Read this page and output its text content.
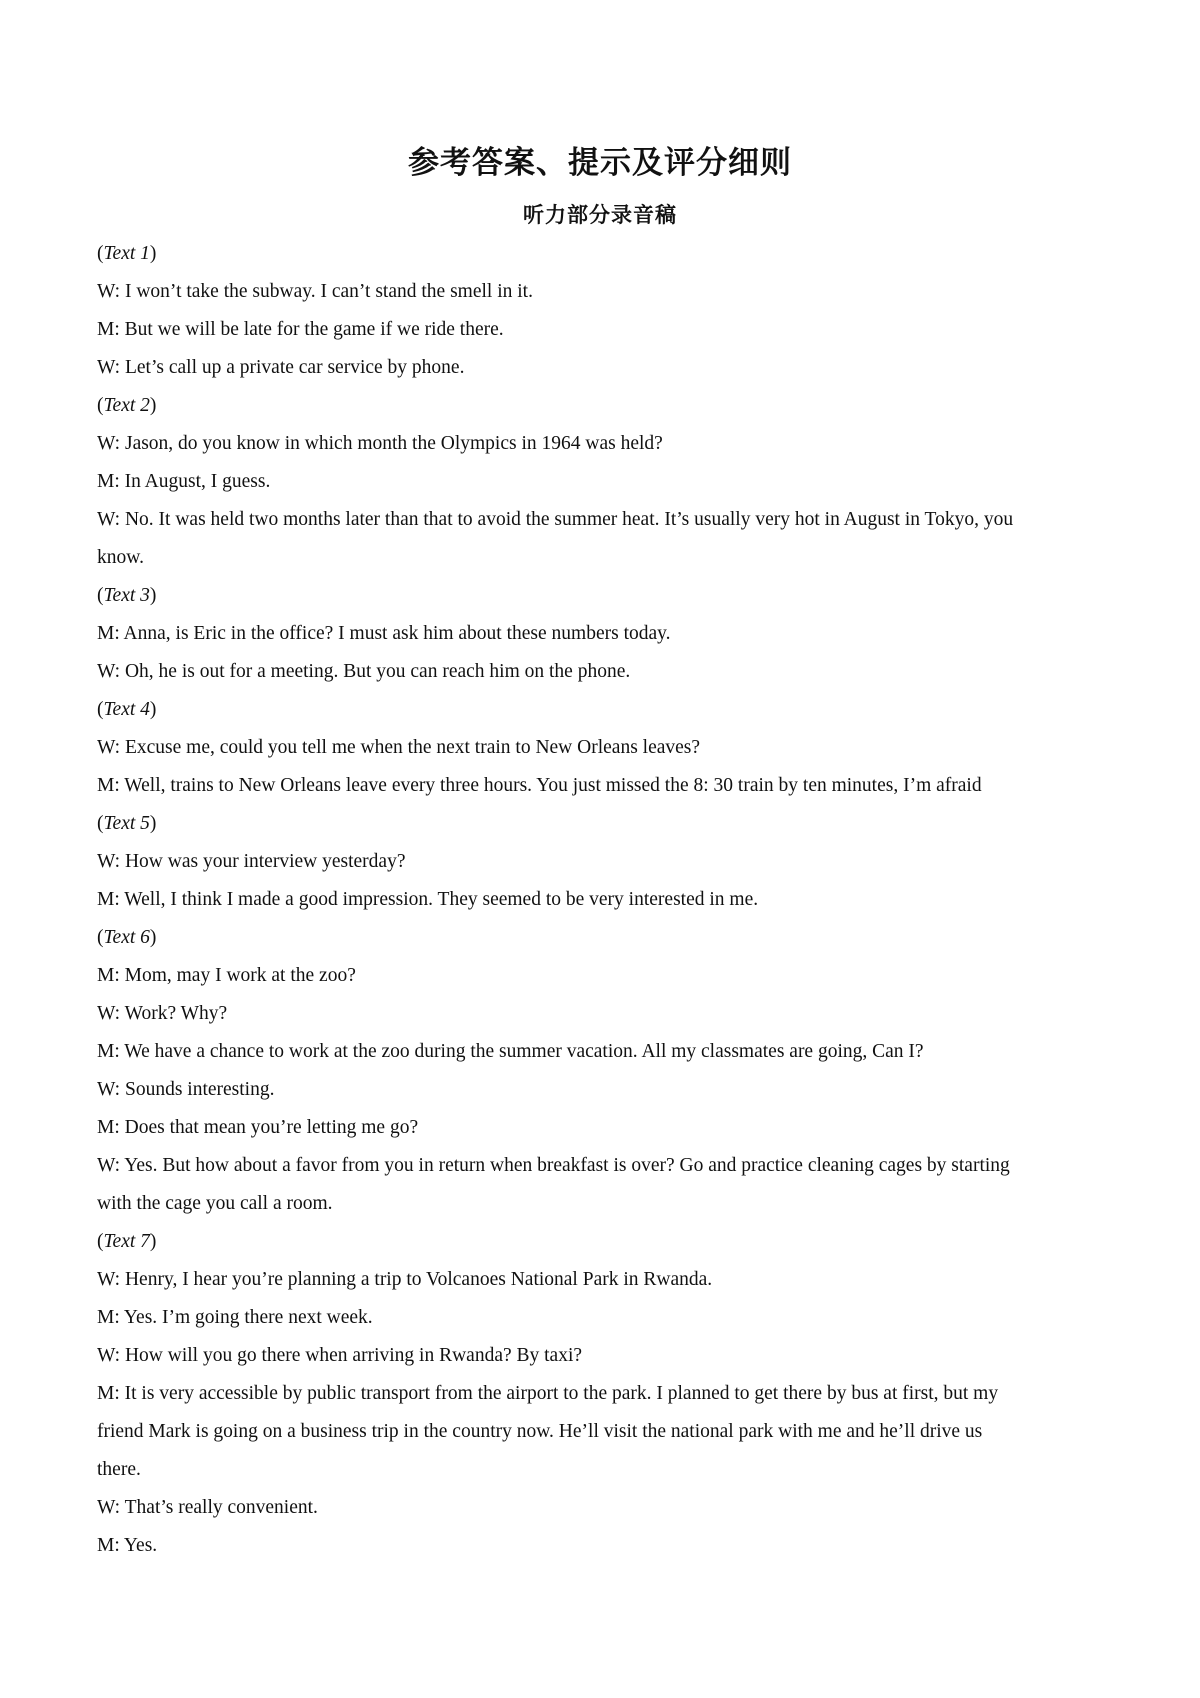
参考答案、提示及评分细则
听力部分录音稿
(Text 1)
W: I won’t take the subway. I can’t stand the smell in it.
M: But we will be late for the game if we ride there.
W: Let’s call up a private car service by phone.
(Text 2)
W: Jason, do you know in which month the Olympics in 1964 was held?
M: In August, I guess.
W: No. It was held two months later than that to avoid the summer heat. It’s usually very hot in August in Tokyo, you
know.
(Text 3)
M: Anna, is Eric in the office? I must ask him about these numbers today.
W: Oh, he is out for a meeting. But you can reach him on the phone.
(Text 4)
W: Excuse me, could you tell me when the next train to New Orleans leaves?
M: Well, trains to New Orleans leave every three hours. You just missed the 8: 30 train by ten minutes, I’m afraid
(Text 5)
W: How was your interview yesterday?
M: Well, I think I made a good impression. They seemed to be very interested in me.
(Text 6)
M: Mom, may I work at the zoo?
W: Work? Why?
M: We have a chance to work at the zoo during the summer vacation. All my classmates are going, Can I?
W: Sounds interesting.
M: Does that mean you’re letting me go?
W: Yes. But how about a favor from you in return when breakfast is over? Go and practice cleaning cages by starting
with the cage you call a room.
(Text 7)
W: Henry, I hear you’re planning a trip to Volcanoes National Park in Rwanda.
M: Yes. I’m going there next week.
W: How will you go there when arriving in Rwanda? By taxi?
M: It is very accessible by public transport from the airport to the park. I planned to get there by bus at first, but my
friend Mark is going on a business trip in the country now. He’ll visit the national park with me and he’ll drive us
there.
W: That’s really convenient.
M: Yes.
